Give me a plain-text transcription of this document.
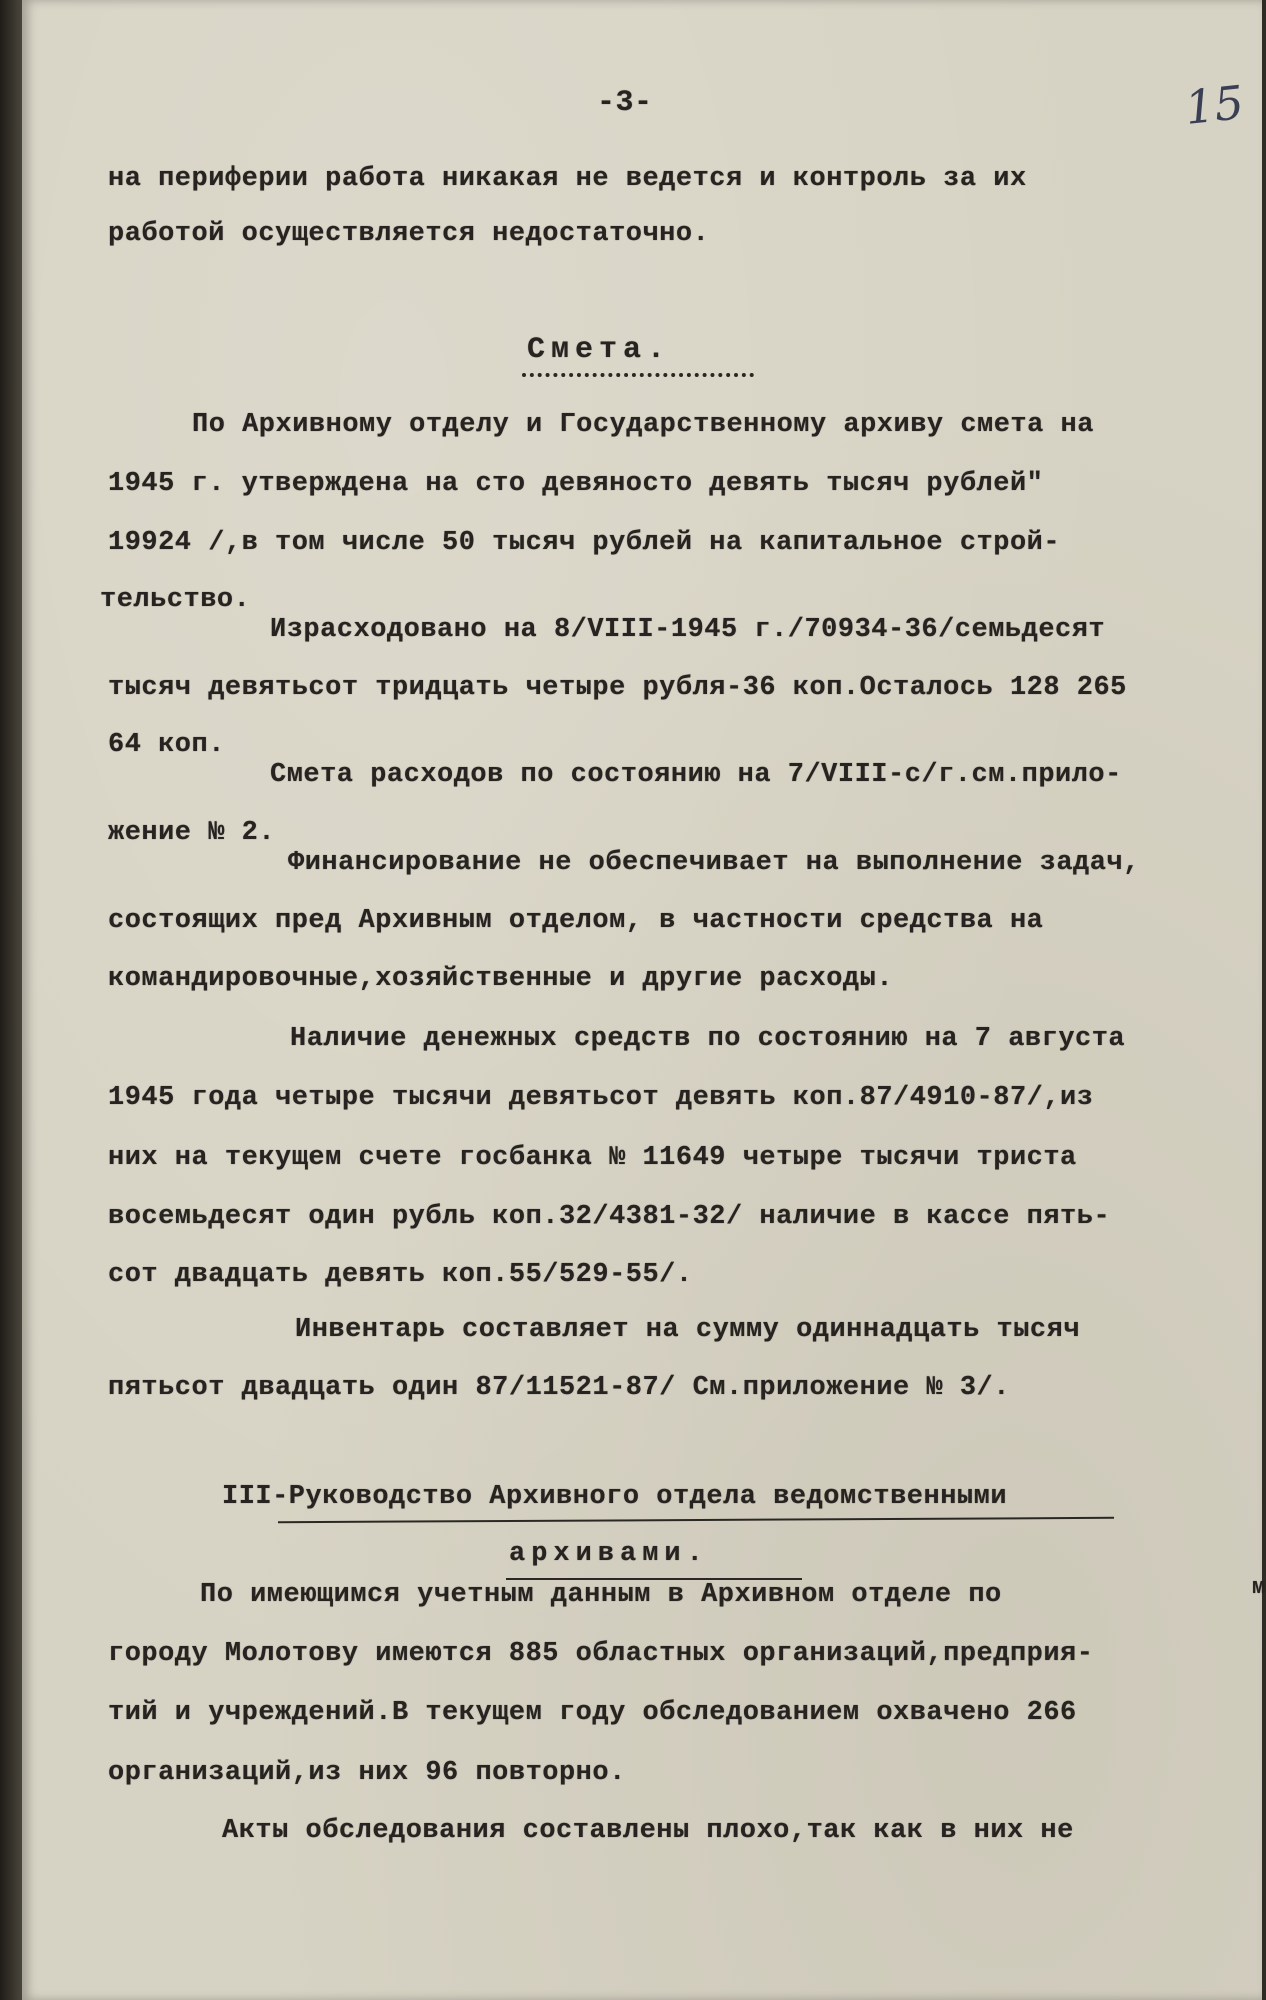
-3-	15
на периферии работа никакая не ведется и контроль за их
работой осуществляется недостаточно.
По Архивному отделу и Государственному архиву смета на
1945 г. утверждена на сто девяносто девять тысяч рублей"
19924 /,в том числе 50 тысяч рублей на капитальное строй-
тельство.
Израсходовано на 8/VIII-1945 г./70934-36/семьдесят
тысяч девятьсот тридцать четыре рубля-36 коп.Осталось 128 265
64 коп.
Смета расходов по состоянию на 7/VIII-с/г.см.прило-
жение № 2.
Финансирование не обеспечивает на выполнение задач,
состоящих пред Архивным отделом, в частности средства на
командировочные,хозяйственные и другие расходы.
Наличие денежных средств по состоянию на 7 августа
1945 года четыре тысячи девятьсот девять коп.87/4910-87/,из
них на текущем счете госбанка № 11649 четыре тысячи триста
восемьдесят один рубль коп.32/4381-32/ наличие в кассе пять-
сот двадцать девять коп.55/529-55/.
Инвентарь составляет на сумму одиннадцать тысяч
пятьсот двадцать один 87/11521-87/ См.приложение № 3/.
По имеющимся учетным данным в Архивном отделе по
городу Молотову имеются 885 областных организаций,предприя-
тий и учреждений.В текущем году обследованием охвачено 266
организаций,из них 96 повторно.
Акты обследования составлены плохо,так как в них не
Смета.
III-Руководство Архивного отдела ведомственными
архивами.
м
